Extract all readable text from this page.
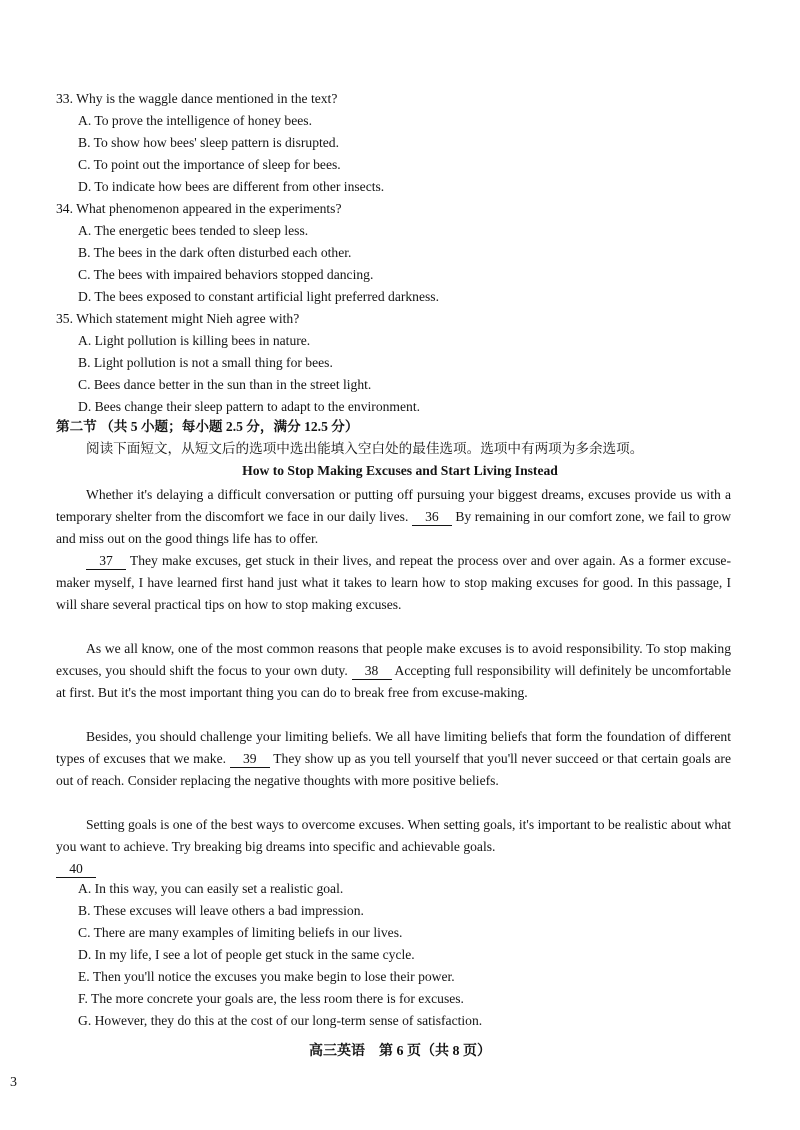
33. Why is the waggle dance mentioned in the text?
A. To prove the intelligence of honey bees.
B. To show how bees' sleep pattern is disrupted.
C. To point out the importance of sleep for bees.
D. To indicate how bees are different from other insects.
34. What phenomenon appeared in the experiments?
A. The energetic bees tended to sleep less.
B. The bees in the dark often disturbed each other.
C. The bees with impaired behaviors stopped dancing.
D. The bees exposed to constant artificial light preferred darkness.
35. Which statement might Nieh agree with?
A. Light pollution is killing bees in nature.
B. Light pollution is not a small thing for bees.
C. Bees dance better in the sun than in the street light.
D. Bees change their sleep pattern to adapt to the environment.
第二节 （共 5 小题；每小题 2.5 分，满分 12.5 分）
阅读下面短文，从短文后的选项中选出能填入空白处的最佳选项。选项中有两项为多余选项。
How to Stop Making Excuses and Start Living Instead
Whether it's delaying a difficult conversation or putting off pursuing your biggest dreams, excuses provide us with a temporary shelter from the discomfort we face in our daily lives. 36 By remaining in our comfort zone, we fail to grow and miss out on the good things life has to offer.
37 They make excuses, get stuck in their lives, and repeat the process over and over again. As a former excuse-maker myself, I have learned first hand just what it takes to learn how to stop making excuses for good. In this passage, I will share several practical tips on how to stop making excuses.
As we all know, one of the most common reasons that people make excuses is to avoid responsibility. To stop making excuses, you should shift the focus to your own duty. 38 Accepting full responsibility will definitely be uncomfortable at first. But it's the most important thing you can do to break free from excuse-making.
Besides, you should challenge your limiting beliefs. We all have limiting beliefs that form the foundation of different types of excuses that we make. 39 They show up as you tell yourself that you'll never succeed or that certain goals are out of reach. Consider replacing the negative thoughts with more positive beliefs.
Setting goals is one of the best ways to overcome excuses. When setting goals, it's important to be realistic about what you want to achieve. Try breaking big dreams into specific and achievable goals.
40
A. In this way, you can easily set a realistic goal.
B. These excuses will leave others a bad impression.
C. There are many examples of limiting beliefs in our lives.
D. In my life, I see a lot of people get stuck in the same cycle.
E. Then you'll notice the excuses you make begin to lose their power.
F. The more concrete your goals are, the less room there is for excuses.
G. However, they do this at the cost of our long-term sense of satisfaction.
高三英语　第 6 页（共 8 页）
3
